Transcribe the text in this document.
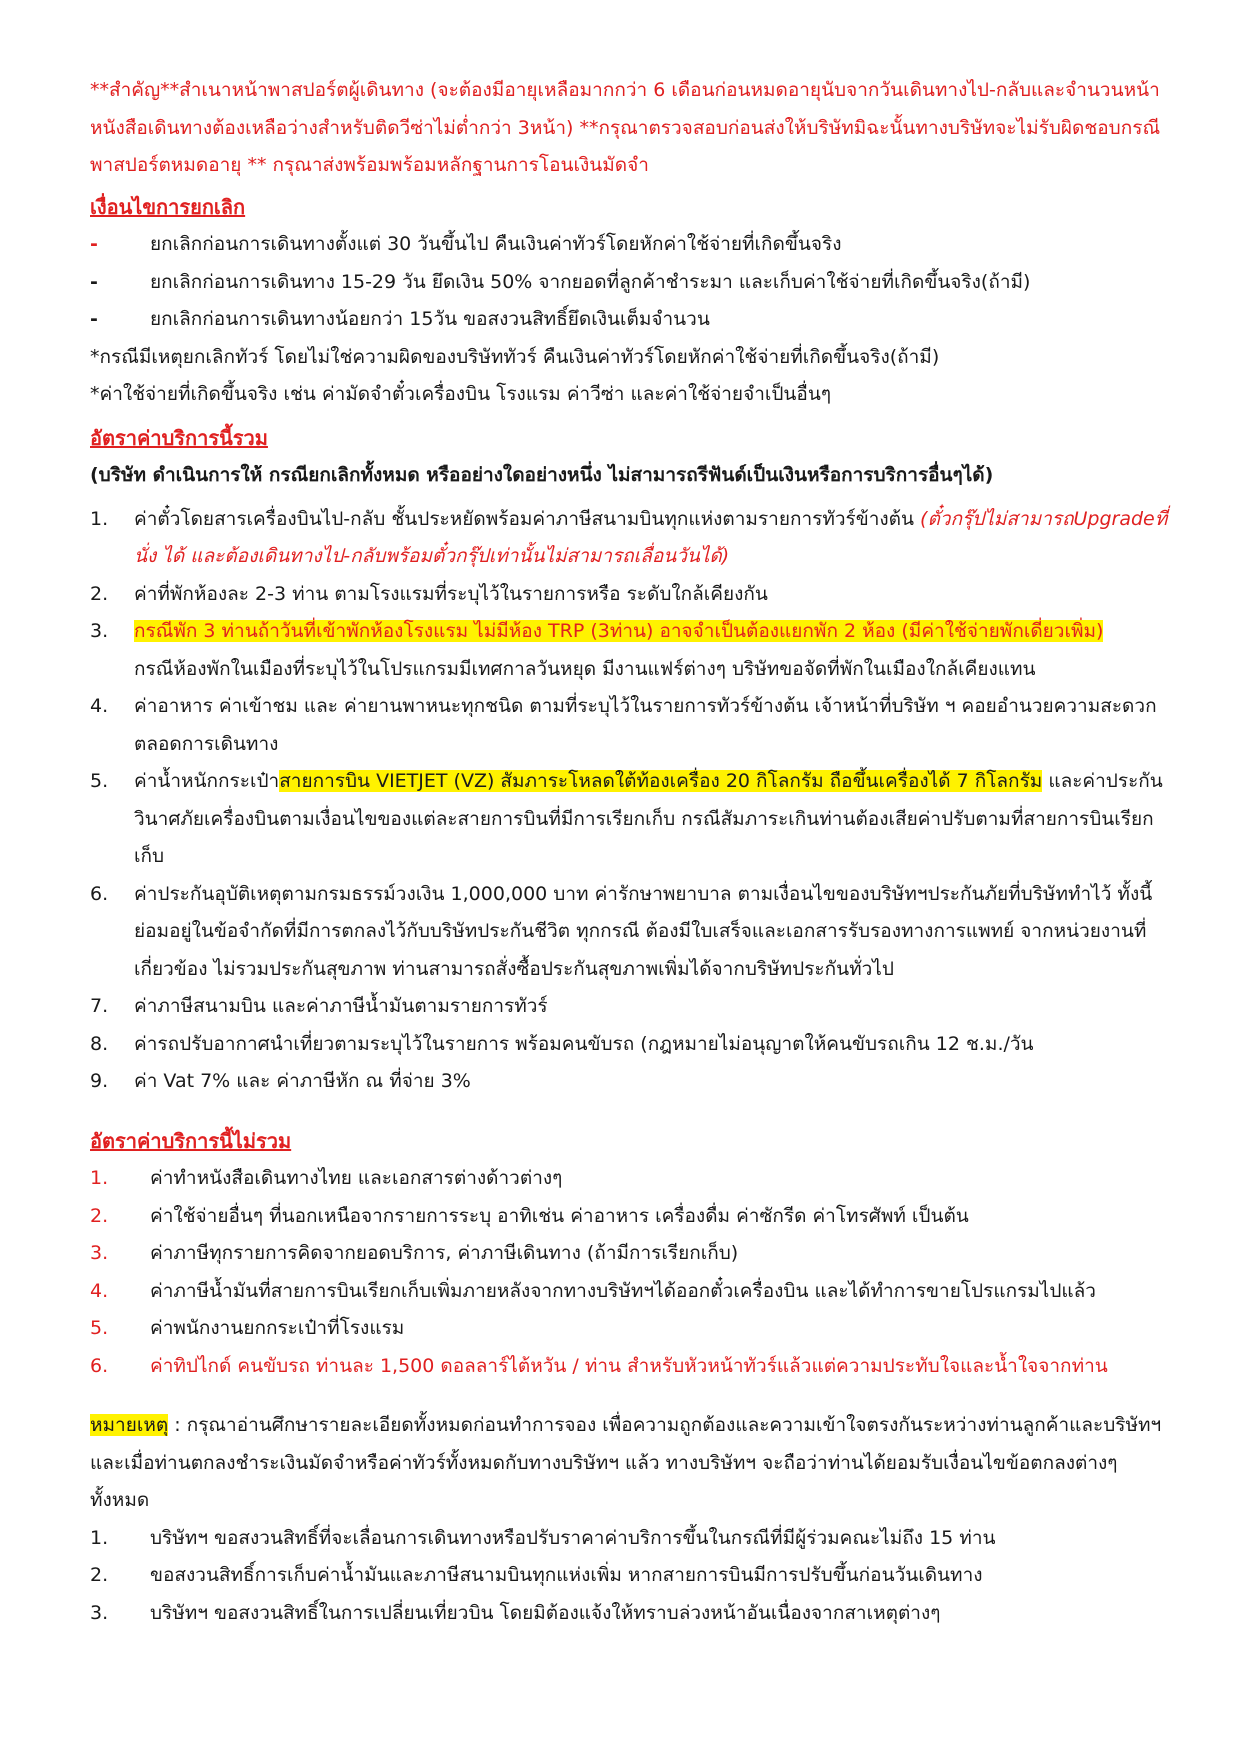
**สำคัญ**สำเนาหน้าพาสปอร์ตผู้เดินทาง (จะต้องมีอายุเหลือมากกว่า 6 เดือนก่อนหมดอายุนับจากวันเดินทางไป-กลับและจำนวนหน้าหนังสือเดินทางต้องเหลือว่างสำหรับติดวีซ่าไม่ต่ำกว่า 3หน้า) **กรุณาตรวจสอบก่อนส่งให้บริษัทมิฉะนั้นทางบริษัทจะไม่รับผิดชอบกรณีพาสปอร์ตหมดอายุ ** กรุณาส่งพร้อมพร้อมหลักฐานการโอนเงินมัดจำ

เงื่อนไขการยกเลิก

-	ยกเลิกก่อนการเดินทางตั้งแต่ 30 วันขึ้นไป คืนเงินค่าทัวร์โดยหักค่าใช้จ่ายที่เกิดขึ้นจริง
-	ยกเลิกก่อนการเดินทาง 15-29 วัน ยึดเงิน 50% จากยอดที่ลูกค้าชำระมา และเก็บค่าใช้จ่ายที่เกิดขึ้นจริง(ถ้ามี)
-	ยกเลิกก่อนการเดินทางน้อยกว่า 15วัน ขอสงวนสิทธิ์ยึดเงินเต็มจำนวน

*กรณีมีเหตุยกเลิกทัวร์ โดยไม่ใช่ความผิดของบริษัททัวร์ คืนเงินค่าทัวร์โดยหักค่าใช้จ่ายที่เกิดขึ้นจริง(ถ้ามี)

*ค่าใช้จ่ายที่เกิดขึ้นจริง เช่น ค่ามัดจำตั๋วเครื่องบิน โรงแรม ค่าวีซ่า และค่าใช้จ่ายจำเป็นอื่นๆ

อัตราค่าบริการนี้รวม

(บริษัท ดำเนินการให้ กรณียกเลิกทั้งหมด หรืออย่างใดอย่างหนึ่ง ไม่สามารถรีฟันด์เป็นเงินหรือการบริการอื่นๆได้)

1. ค่าตั๋วโดยสารเครื่องบินไป-กลับ ชั้นประหยัดพร้อมค่าภาษีสนามบินทุกแห่งตามรายการทัวร์ข้างต้น (ตั๋วกรุ๊ปไม่สามารถUpgradeที่นั่ง ได้ และต้องเดินทางไป-กลับพร้อมตั๋วกรุ๊ปเท่านั้นไม่สามารถเลื่อนวันได้)
2. ค่าที่พักห้องละ 2-3 ท่าน ตามโรงแรมที่ระบุไว้ในรายการหรือ ระดับใกล้เคียงกัน
3. กรณีพัก 3 ท่านถ้าวันที่เข้าพักห้องโรงแรม ไม่มีห้อง TRP (3ท่าน) อาจจำเป็นต้องแยกพัก 2 ห้อง (มีค่าใช้จ่ายพักเดี่ยวเพิ่ม)
กรณีห้องพักในเมืองที่ระบุไว้ในโปรแกรมมีเทศกาลวันหยุด มีงานแฟร์ต่างๆ บริษัทขอจัดที่พักในเมืองใกล้เคียงแทน
4. ค่าอาหาร ค่าเข้าชม และ ค่ายานพาหนะทุกชนิด ตามที่ระบุไว้ในรายการทัวร์ข้างต้น เจ้าหน้าที่บริษัท ฯ คอยอำนวยความสะดวกตลอดการเดินทาง
5. ค่าน้ำหนักกระเป๋าสายการบิน VIETJET (VZ) สัมภาระโหลดใต้ท้องเครื่อง 20 กิโลกรัม ถือขึ้นเครื่องได้ 7 กิโลกรัม และค่าประกันวินาศภัยเครื่องบินตามเงื่อนไขของแต่ละสายการบินที่มีการเรียกเก็บ กรณีสัมภาระเกินท่านต้องเสียค่าปรับตามที่สายการบินเรียกเก็บ
6. ค่าประกันอุบัติเหตุตามกรมธรรม์วงเงิน 1,000,000 บาท ค่ารักษาพยาบาล ตามเงื่อนไขของบริษัทฯประกันภัยที่บริษัททำไว้ ทั้งนี้ย่อมอยู่ในข้อจำกัดที่มีการตกลงไว้กับบริษัทประกันชีวิต ทุกกรณี ต้องมีใบเสร็จและเอกสารรับรองทางการแพทย์ จากหน่วยงานที่เกี่ยวข้อง ไม่รวมประกันสุขภาพ ท่านสามารถสั่งซื้อประกันสุขภาพเพิ่มได้จากบริษัทประกันทั่วไป
7. ค่าภาษีสนามบิน และค่าภาษีน้ำมันตามรายการทัวร์
8. ค่ารถปรับอากาศนำเที่ยวตามระบุไว้ในรายการ พร้อมคนขับรถ (กฎหมายไม่อนุญาตให้คนขับรถเกิน 12 ช.ม./วัน
9. ค่า Vat 7% และ ค่าภาษีหัก ณ ที่จ่าย 3%

อัตราค่าบริการนี้ไม่รวม

1. ค่าทำหนังสือเดินทางไทย และเอกสารต่างด้าวต่างๆ
2. ค่าใช้จ่ายอื่นๆ ที่นอกเหนือจากรายการระบุ อาทิเช่น ค่าอาหาร เครื่องดื่ม ค่าซักรีด ค่าโทรศัพท์ เป็นต้น
3. ค่าภาษีทุกรายการคิดจากยอดบริการ, ค่าภาษีเดินทาง (ถ้ามีการเรียกเก็บ)
4. ค่าภาษีน้ำมันที่สายการบินเรียกเก็บเพิ่มภายหลังจากทางบริษัทฯได้ออกตั๋วเครื่องบิน และได้ทำการขายโปรแกรมไปแล้ว
5. ค่าพนักงานยกกระเป๋าที่โรงแรม
6. ค่าทิปไกด์ คนขับรถ ท่านละ 1,500 ดอลลาร์ไต้หวัน / ท่าน สำหรับหัวหน้าทัวร์แล้วแต่ความประทับใจและน้ำใจจากท่าน

หมายเหตุ : กรุณาอ่านศึกษารายละเอียดทั้งหมดก่อนทำการจอง เพื่อความถูกต้องและความเข้าใจตรงกันระหว่างท่านลูกค้าและบริษัทฯ และเมื่อท่านตกลงชำระเงินมัดจำหรือค่าทัวร์ทั้งหมดกับทางบริษัทฯ แล้ว ทางบริษัทฯ จะถือว่าท่านได้ยอมรับเงื่อนไขข้อตกลงต่างๆ ทั้งหมด

1. บริษัทฯ ขอสงวนสิทธิ์ที่จะเลื่อนการเดินทางหรือปรับราคาค่าบริการขึ้นในกรณีที่มีผู้ร่วมคณะไม่ถึง 15 ท่าน
2. ขอสงวนสิทธิ์การเก็บค่าน้ำมันและภาษีสนามบินทุกแห่งเพิ่ม หากสายการบินมีการปรับขึ้นก่อนวันเดินทาง
3. บริษัทฯ ขอสงวนสิทธิ์ในการเปลี่ยนเที่ยวบิน โดยมิต้องแจ้งให้ทราบล่วงหน้าอันเนื่องจากสาเหตุต่างๆ
